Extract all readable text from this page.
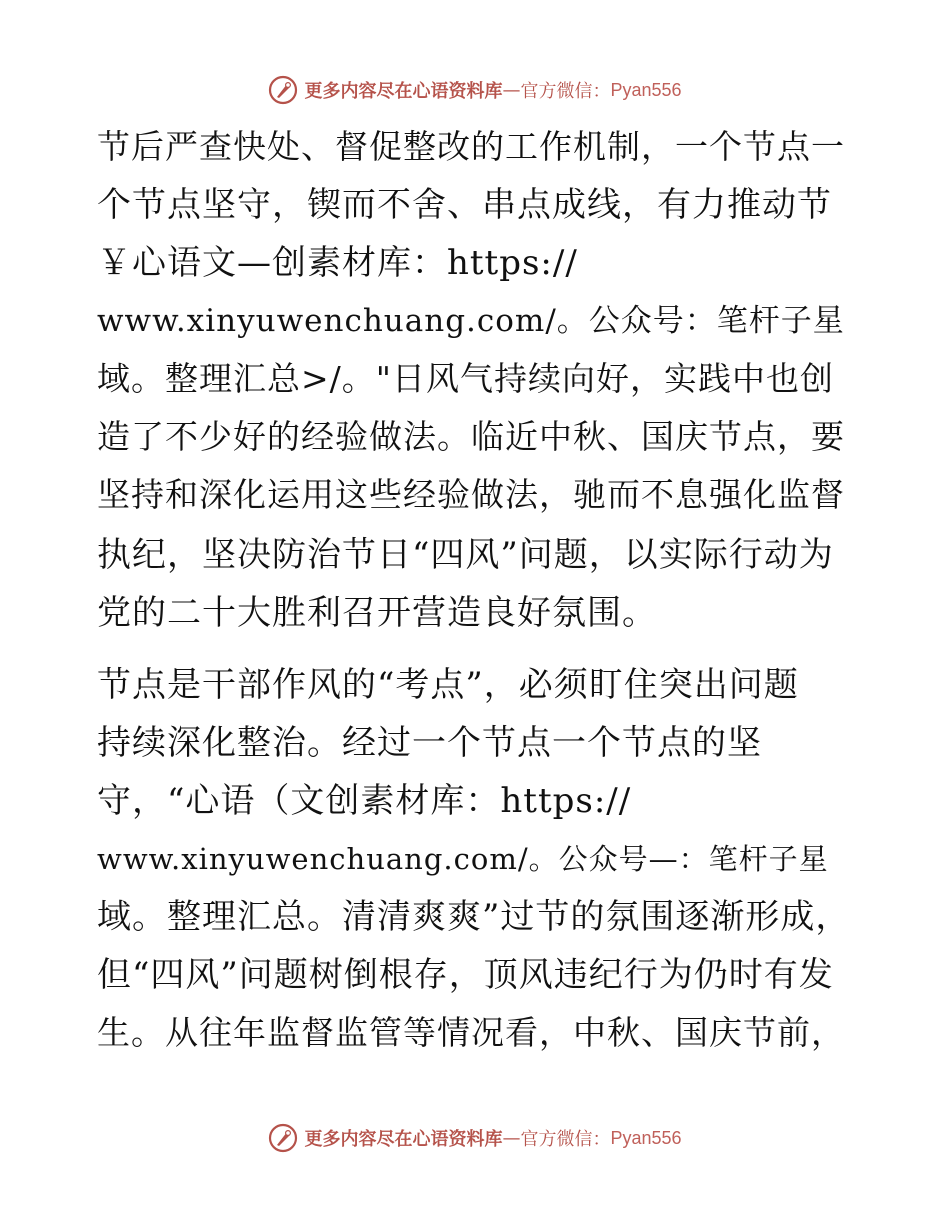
更多内容尽在心语资料库 — 官方微信： Pyan556
节后严查快处、督促整改的工作机制，一个节点一
个节点坚守，锲而不舍、串点成线，有力推动节
￥心语文—创素材库：https://
www.xinyuwenchuang.com/。公众号：笔杆子星
域。整理汇总>/。"日风气持续向好，实践中也创
造了不少好的经验做法。临近中秋、国庆节点，要
坚持和深化运用这些经验做法，驰而不息强化监督
执纪，坚决防治节日“四风”问题，以实际行动为
党的二十大胜利召开营造良好氛围。
节点是干部作风的“考点”，必须盯住突出问题
持续深化整治。经过一个节点一个节点的坚
守，“心语（文创素材库：https://
www.xinyuwenchuang.com/。公众号—：笔杆子星
域。整理汇总。清清爽爽”过节的氛围逐渐形成，
但“四风”问题树倒根存，顶风违纪行为仍时有发
生。从往年监督监管等情况看，中秋、国庆节前，
更多内容尽在心语资料库 — 官方微信： Pyan556
